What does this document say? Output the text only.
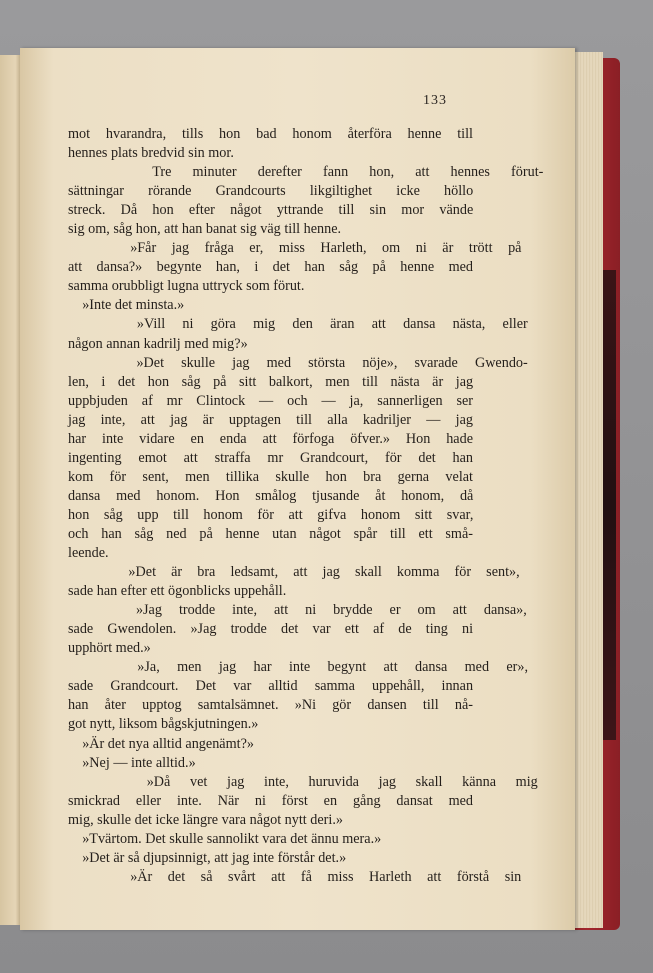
133
mot hvarandra, tills hon bad honom återföra henne till
hennes plats bredvid sin mor.
Tre minuter derefter fann hon, att hennes förut-
sättningar rörande Grandcourts likgiltighet icke höllo
streck. Då hon efter något yttrande till sin mor vände
sig om, såg hon, att han banat sig väg till henne.
»Får jag fråga er, miss Harleth, om ni är trött på
att dansa?» begynte han, i det han såg på henne med
samma orubbligt lugna uttryck som förut.
»Inte det minsta.»
»Vill ni göra mig den äran att dansa nästa, eller
någon annan kadrilj med mig?»
»Det skulle jag med största nöje», svarade Gwendo-
len, i det hon såg på sitt balkort, men till nästa är jag
uppbjuden af mr Clintock — och — ja, sannerligen ser
jag inte, att jag är upptagen till alla kadriljer — jag
har inte vidare en enda att förfoga öfver.» Hon hade
ingenting emot att straffa mr Grandcourt, för det han
kom för sent, men tillika skulle hon bra gerna velat
dansa med honom. Hon smålog tjusande åt honom, då
hon såg upp till honom för att gifva honom sitt svar,
och han såg ned på henne utan något spår till ett små-
leende.
»Det är bra ledsamt, att jag skall komma för sent»,
sade han efter ett ögonblicks uppehåll.
»Jag trodde inte, att ni brydde er om att dansa»,
sade Gwendolen. »Jag trodde det var ett af de ting ni
upphört med.»
»Ja, men jag har inte begynt att dansa med er»,
sade Grandcourt. Det var alltid samma uppehåll, innan
han åter upptog samtalsämnet. »Ni gör dansen till nå-
got nytt, liksom bågskjutningen.»
»Är det nya alltid angenämt?»
»Nej — inte alltid.»
»Då vet jag inte, huruvida jag skall känna mig
smickrad eller inte. När ni först en gång dansat med
mig, skulle det icke längre vara något nytt deri.»
»Tvärtom. Det skulle sannolikt vara det ännu mera.»
»Det är så djupsinnigt, att jag inte förstår det.»
»Är det så svårt att få miss Harleth att förstå sin
